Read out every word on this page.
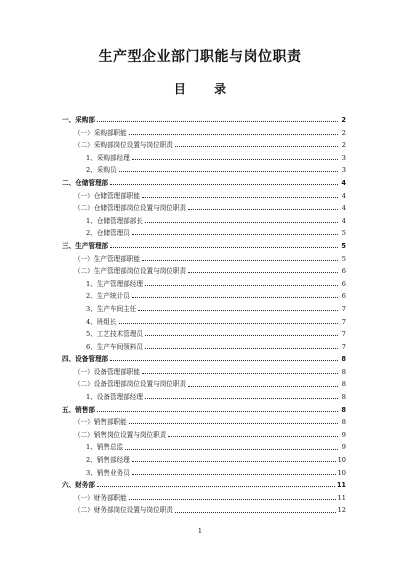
生产型企业部门职能与岗位职责
目 录
一、采购部	2
（一）采购部职能	2
（二）采购部岗位设置与岗位职责	2
1、采购部经理	3
2、采购员	3
二、仓储管理部	4
（一）仓储管理部职能	4
（二）仓储管理部岗位设置与岗位职责	4
1、仓储管理部部长	4
2、仓储管理员	5
三、生产管理部	5
（一）生产管理部职能	5
（二）生产管理部岗位设置与岗位职责	6
1、生产管理部经理	6
2、生产统计员	6
3、生产车间主任	7
4、班组长	7
5、工艺技术管理员	7
6、生产车间领料员	7
四、设备管理部	8
（一）设备管理部职能	8
（二）设备管理部岗位设置与岗位职责	8
1、设备管理部经理	8
五、销售部	8
（一）销售部职能	8
（二）销售岗位设置与岗位职责	9
1、销售总监	9
2、销售部经理	10
3、销售业务员	10
六、财务部	11
（一）财务部职能	11
（二）财务部岗位设置与岗位职责	12
1
